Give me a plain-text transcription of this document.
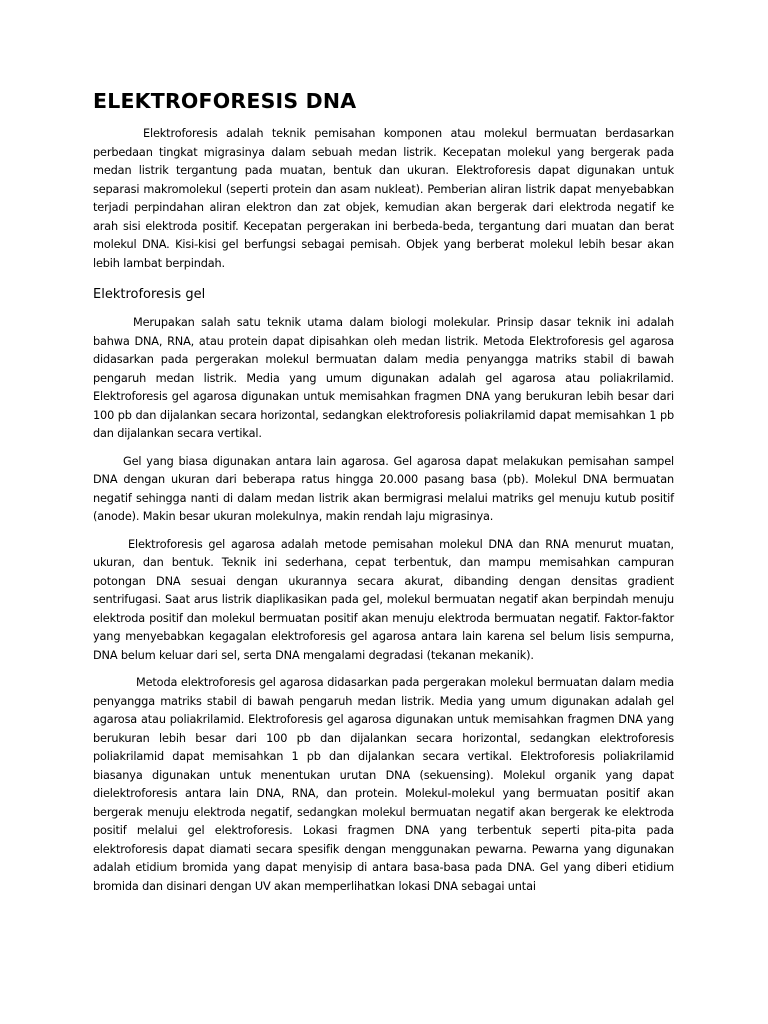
ELEKTROFORESIS DNA

Elektroforesis adalah teknik pemisahan komponen atau molekul bermuatan berdasarkan perbedaan tingkat migrasinya dalam sebuah medan listrik. Kecepatan molekul yang bergerak pada medan listrik tergantung pada muatan, bentuk dan ukuran. Elektroforesis dapat digunakan untuk separasi makromolekul (seperti protein dan asam nukleat). Pemberian aliran listrik dapat menyebabkan terjadi perpindahan aliran elektron dan zat objek, kemudian akan bergerak dari elektroda negatif ke arah sisi elektroda positif. Kecepatan pergerakan ini berbeda-beda, tergantung dari muatan dan berat molekul DNA. Kisi-kisi gel berfungsi sebagai pemisah. Objek yang berberat molekul lebih besar akan lebih lambat berpindah.

Elektroforesis gel

Merupakan salah satu teknik utama dalam biologi molekular. Prinsip dasar teknik ini adalah bahwa DNA, RNA, atau protein dapat dipisahkan oleh medan listrik. Metoda Elektroforesis gel agarosa didasarkan pada pergerakan molekul bermuatan dalam media penyangga matriks stabil di bawah pengaruh medan listrik. Media yang umum digunakan adalah gel agarosa atau poliakrilamid. Elektroforesis gel agarosa digunakan untuk memisahkan fragmen DNA yang berukuran lebih besar dari 100 pb dan dijalankan secara horizontal, sedangkan elektroforesis poliakrilamid dapat memisahkan 1 pb dan dijalankan secara vertikal.

Gel yang biasa digunakan antara lain agarosa. Gel agarosa dapat melakukan pemisahan sampel DNA dengan ukuran dari beberapa ratus hingga 20.000 pasang basa (pb). Molekul DNA bermuatan negatif sehingga nanti di dalam medan listrik akan bermigrasi melalui matriks gel menuju kutub positif (anode). Makin besar ukuran molekulnya, makin rendah laju migrasinya.

Elektroforesis gel agarosa adalah metode pemisahan molekul DNA dan RNA menurut muatan, ukuran, dan bentuk. Teknik ini sederhana, cepat terbentuk, dan mampu memisahkan campuran potongan DNA sesuai dengan ukurannya secara akurat, dibanding dengan densitas gradient sentrifugasi. Saat arus listrik diaplikasikan pada gel, molekul bermuatan negatif akan berpindah menuju elektroda positif dan molekul bermuatan positif akan menuju elektroda bermuatan negatif. Faktor-faktor yang menyebabkan kegagalan elektroforesis gel agarosa antara lain karena sel belum lisis sempurna, DNA belum keluar dari sel, serta DNA mengalami degradasi (tekanan mekanik).

Metoda elektroforesis gel agarosa didasarkan pada pergerakan molekul bermuatan dalam media penyangga matriks stabil di bawah pengaruh medan listrik. Media yang umum digunakan adalah gel agarosa atau poliakrilamid. Elektroforesis gel agarosa digunakan untuk memisahkan fragmen DNA yang berukuran lebih besar dari 100 pb dan dijalankan secara horizontal, sedangkan elektroforesis poliakrilamid dapat memisahkan 1 pb dan dijalankan secara vertikal. Elektroforesis poliakrilamid biasanya digunakan untuk menentukan urutan DNA (sekuensing). Molekul organik yang dapat dielektroforesis antara lain DNA, RNA, dan protein. Molekul-molekul yang bermuatan positif akan bergerak menuju elektroda negatif, sedangkan molekul bermuatan negatif akan bergerak ke elektroda positif melalui gel elektroforesis. Lokasi fragmen DNA yang terbentuk seperti pita-pita pada elektroforesis dapat diamati secara spesifik dengan menggunakan pewarna. Pewarna yang digunakan adalah etidium bromida yang dapat menyisip di antara basa-basa pada DNA. Gel yang diberi etidium bromida dan disinari dengan UV akan memperlihatkan lokasi DNA sebagai untai
